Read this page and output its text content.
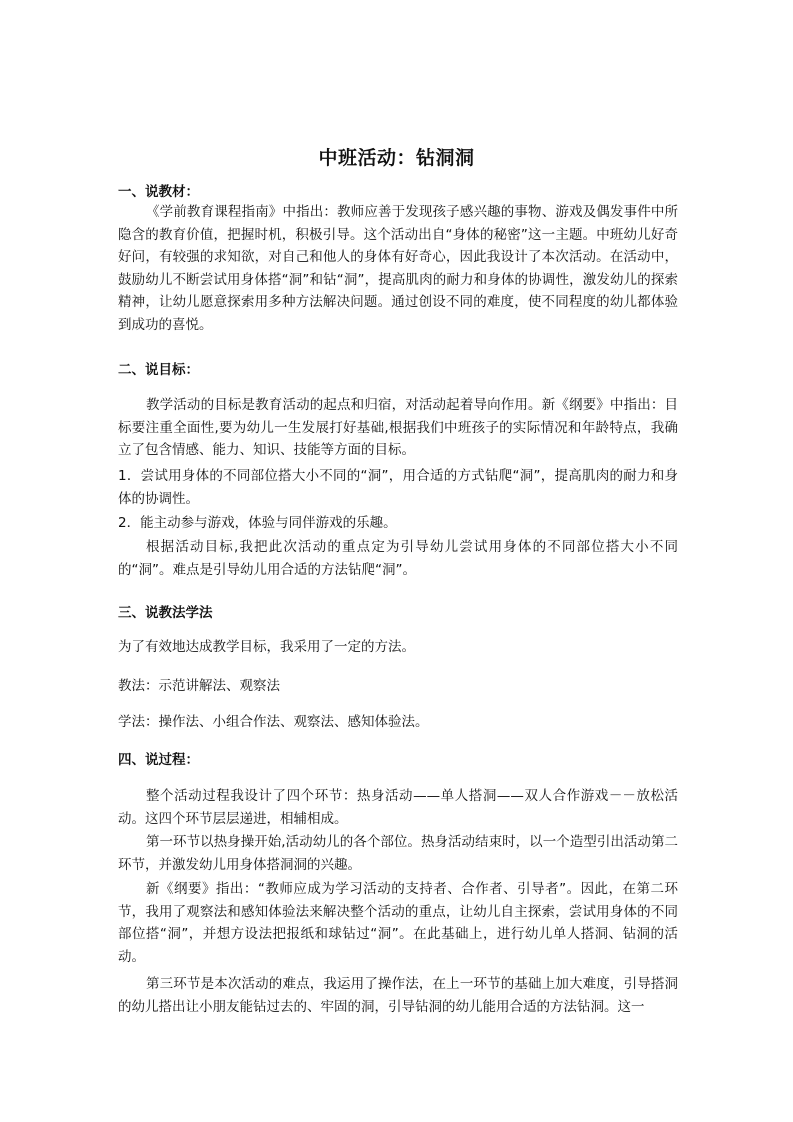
中班活动：钻洞洞
一、说教材：
《学前教育课程指南》中指出：教师应善于发现孩子感兴趣的事物、游戏及偶发事件中所隐含的教育价值，把握时机，积极引导。这个活动出自“身体的秘密”这一主题。中班幼儿好奇好问，有较强的求知欲，对自己和他人的身体有好奇心，因此我设计了本次活动。在活动中，鼓励幼儿不断尝试用身体搭“洞”和钻“洞”，提高肌肉的耐力和身体的协调性，激发幼儿的探索精神，让幼儿愿意探索用多种方法解决问题。通过创设不同的难度，使不同程度的幼儿都体验到成功的喜悦。
二、说目标：
教学活动的目标是教育活动的起点和归宿，对活动起着导向作用。新《纲要》中指出：目标要注重全面性,要为幼儿一生发展打好基础,根据我们中班孩子的实际情况和年龄特点，我确立了包含情感、能力、知识、技能等方面的目标。
1．尝试用身体的不同部位搭大小不同的“洞”，用合适的方式钻爬“洞”，提高肌肉的耐力和身体的协调性。
2．能主动参与游戏，体验与同伴游戏的乐趣。
根据活动目标,我把此次活动的重点定为引导幼儿尝试用身体的不同部位搭大小不同的“洞”。难点是引导幼儿用合适的方法钻爬“洞”。
三、说教法学法
为了有效地达成教学目标，我采用了一定的方法。
教法：示范讲解法、观察法
学法：操作法、小组合作法、观察法、感知体验法。
四、说过程：
整个活动过程我设计了四个环节：热身活动——单人搭洞——双人合作游戏－－放松活动。这四个环节层层递进，相辅相成。
第一环节以热身操开始,活动幼儿的各个部位。热身活动结束时，以一个造型引出活动第二环节，并激发幼儿用身体搭洞洞的兴趣。
新《纲要》指出：“教师应成为学习活动的支持者、合作者、引导者”。因此，在第二环节，我用了观察法和感知体验法来解决整个活动的重点，让幼儿自主探索，尝试用身体的不同部位搭“洞”，并想方设法把报纸和球钻过“洞”。在此基础上，进行幼儿单人搭洞、钻洞的活动。
第三环节是本次活动的难点，我运用了操作法，在上一环节的基础上加大难度，引导搭洞的幼儿搭出让小朋友能钻过去的、牢固的洞，引导钻洞的幼儿能用合适的方法钻洞。这一
